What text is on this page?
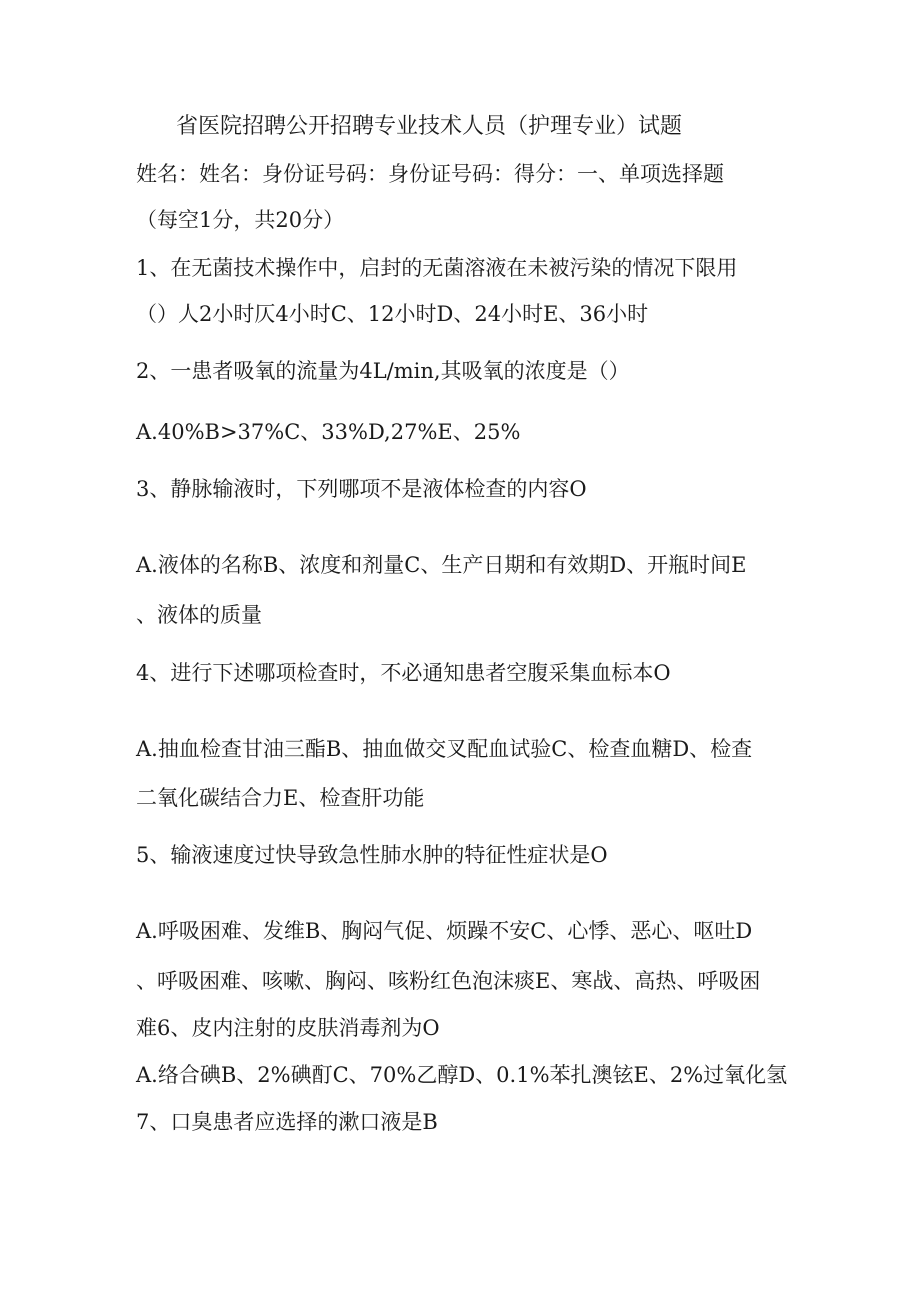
省医院招聘公开招聘专业技术人员（护理专业）试题
姓名：姓名：身份证号码：身份证号码：得分：一、单项选择题
（每空1分，共20分）
1、在无菌技术操作中，启封的无菌溶液在未被污染的情况下限用
（）人2小时仄4小时C、12小时D、24小时E、36小时
2、一患者吸氧的流量为4L/min,其吸氧的浓度是（）
A.40%B>37%C、33%D,27%E、25%
3、静脉输液时，下列哪项不是液体检查的内容O
A.液体的名称B、浓度和剂量C、生产日期和有效期D、开瓶时间E
、液体的质量
4、进行下述哪项检查时，不必通知患者空腹采集血标本O
A.抽血检查甘油三酯B、抽血做交叉配血试验C、检查血糖D、检查
二氧化碳结合力E、检查肝功能
5、输液速度过快导致急性肺水肿的特征性症状是O
A.呼吸困难、发维B、胸闷气促、烦躁不安C、心悸、恶心、呕吐D
、呼吸困难、咳嗽、胸闷、咳粉红色泡沫痰E、寒战、高热、呼吸困
难6、皮内注射的皮肤消毒剂为O
A.络合碘B、2%碘酊C、70%乙醇D、0.1%苯扎澳铉E、2%过氧化氢
7、口臭患者应选择的漱口液是B
